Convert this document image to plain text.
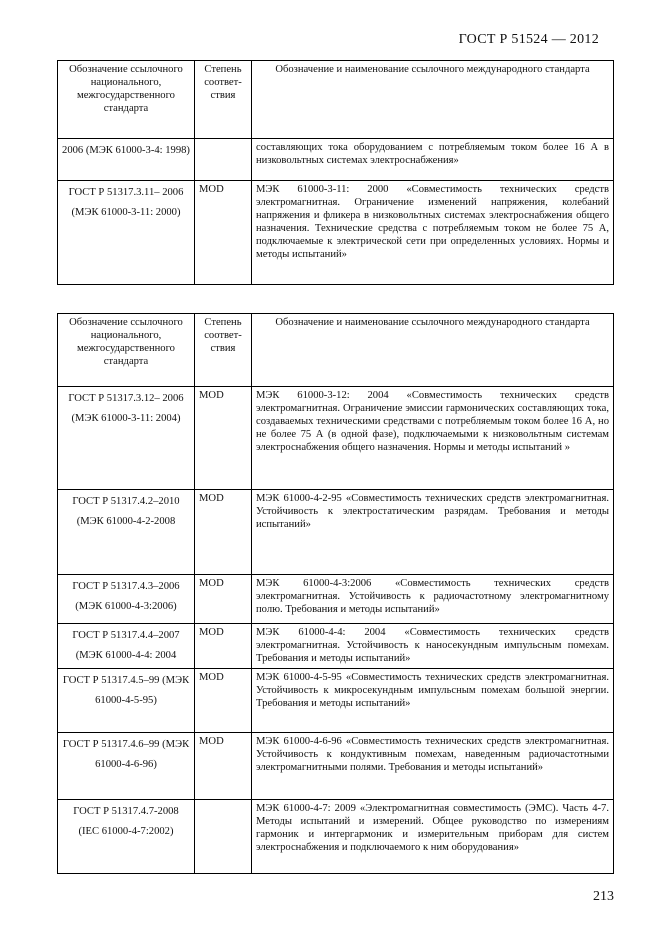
ГОСТ Р 51524 — 2012
Обозначение ссылочного национального, межгосударственного стандарта	Степень соответ-ствия	Обозначение и наименование ссылочного международного стандарта
2006 (МЭК 61000-3-4: 1998)		составляющих тока оборудованием с потребляемым током более 16 А в низковольтных системах электроснабжения»
ГОСТ Р 51317.3.11– 2006 (МЭК 61000-3-11: 2000)	MOD	МЭК 61000-3-11: 2000 «Совместимость технических средств электромагнитная. Ограничение изменений напряжения, колебаний напряжения и фликера в низковольтных системах электроснабжения общего назначения. Технические средства с потребляемым током не более 75 А, подключаемые к электрической сети при определенных условиях. Нормы и методы испытаний»
Обозначение ссылочного национального, межгосударственного стандарта	Степень соответ-ствия	Обозначение и наименование ссылочного международного стандарта
ГОСТ Р 51317.3.12– 2006 (МЭК 61000-3-11: 2004)	MOD	МЭК 61000-3-12: 2004 «Совместимость технических средств электромагнитная. Ограничение эмиссии гармонических составляющих тока, создаваемых техническими средствами с потребляемым током более 16 А, но не более 75 А (в одной фазе), подключаемыми к низковольтным системам электроснабжения общего назначения. Нормы и методы испытаний »
ГОСТ Р 51317.4.2–2010 (МЭК 61000-4-2-2008	MOD	МЭК 61000-4-2-95 «Совместимость технических средств электромагнитная. Устойчивость к электростатическим разрядам. Требования и методы испытаний»
ГОСТ Р 51317.4.3–2006 (МЭК 61000-4-3:2006)	MOD	МЭК 61000-4-3:2006 «Совместимость технических средств электромагнитная. Устойчивость к радиочастотному электромагнитному полю. Требования и методы испытаний»
ГОСТ Р 51317.4.4–2007 (МЭК 61000-4-4: 2004	MOD	МЭК 61000-4-4: 2004 «Совместимость технических средств электромагнитная. Устойчивость к наносекундным импульсным помехам. Требования и методы испытаний»
ГОСТ Р 51317.4.5–99 (МЭК 61000-4-5-95)	MOD	МЭК 61000-4-5-95 «Совместимость технических средств электромагнитная. Устойчивость к микросекундным импульсным помехам большой энергии. Требования и методы испытаний»
ГОСТ Р 51317.4.6–99 (МЭК 61000-4-6-96)	MOD	МЭК 61000-4-6-96 «Совместимость технических средств электромагнитная. Устойчивость к кондуктивным помехам, наведенным радиочастотными электромагнитными полями. Требования и методы испытаний»
ГОСТ Р 51317.4.7-2008 (IEC 61000-4-7:2002)		МЭК 61000-4-7: 2009 «Электромагнитная совместимость (ЭМС). Часть 4-7. Методы испытаний и измерений. Общее руководство по измерениям гармоник и интергармоник и измерительным приборам для систем электроснабжения и подключаемого к ним оборудования»
213
